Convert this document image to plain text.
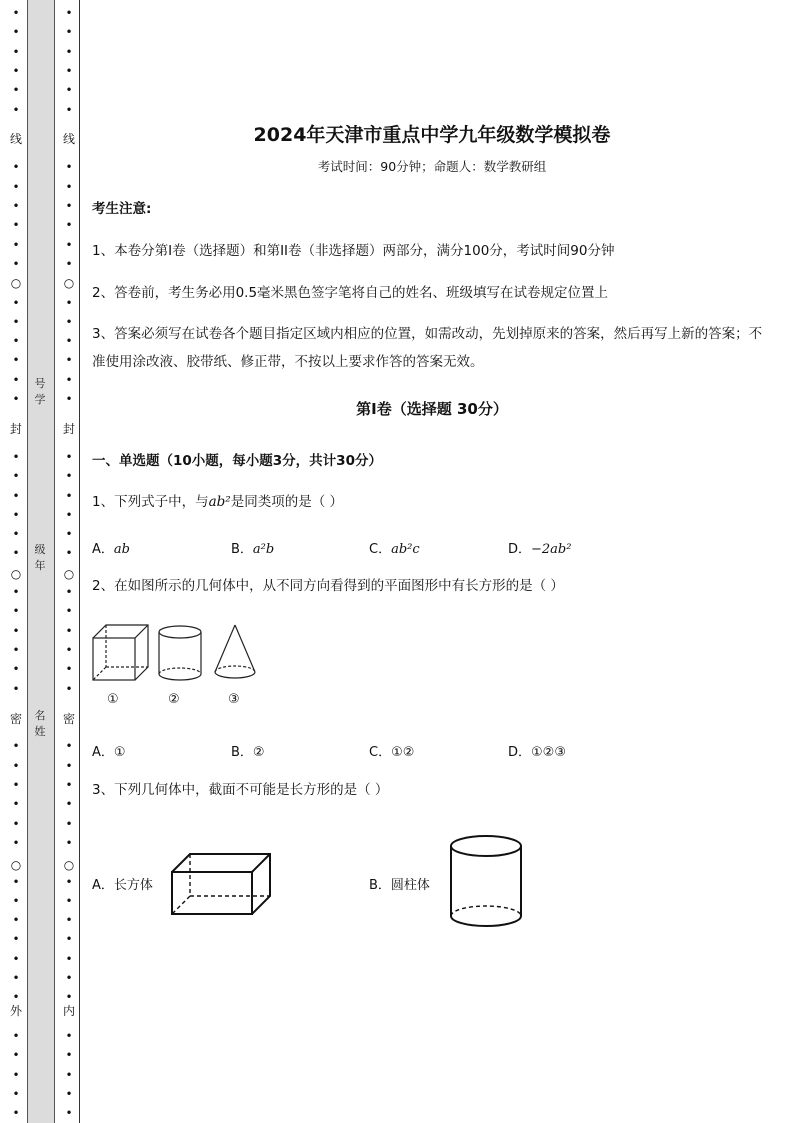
线
○
封
○
密
○
外
•
•
•
•
•
•
•
•
•
•
•
•
•
•
•
•
•
•
•
•
•
•
•
•
•
•
•
•
•
•
•
•
•
•
•
•
•
•
•
•
•
•
•
•
•
•
•
•
号
学
级
年
名
姓
线
○
封
○
密
○
内
•
•
•
•
•
•
•
•
•
•
•
•
•
•
•
•
•
•
•
•
•
•
•
•
•
•
•
•
•
•
•
•
•
•
•
•
•
•
•
•
•
•
•
•
•
•
•
•
2024年天津市重点中学九年级数学模拟卷
考试时间：90分钟；命题人：数学教研组
考生注意:
1、本卷分第I卷（选择题）和第II卷（非选择题）两部分，满分100分，考试时间90分钟
2、答卷前，考生务必用0.5毫米黑色签字笔将自己的姓名、班级填写在试卷规定位置上
3、答案必须写在试卷各个题目指定区域内相应的位置，如需改动，先划掉原来的答案，然后再写上新的答案；不准使用涂改液、胶带纸、修正带，不按以上要求作答的答案无效。
第I卷（选择题 30分）
一、单选题（10小题，每小题3分，共计30分）
1、下列式子中，与ab²是同类项的是（ ）
A．ab	B．a²b	C．ab²c	D．−2ab²
2、在如图所示的几何体中，从不同方向看得到的平面图形中有长方形的是（ ）
①	②	③
A．①	B．②	C．①②	D．①②③
3、下列几何体中，截面不可能是长方形的是（ ）
A．长方体	B．圆柱体
